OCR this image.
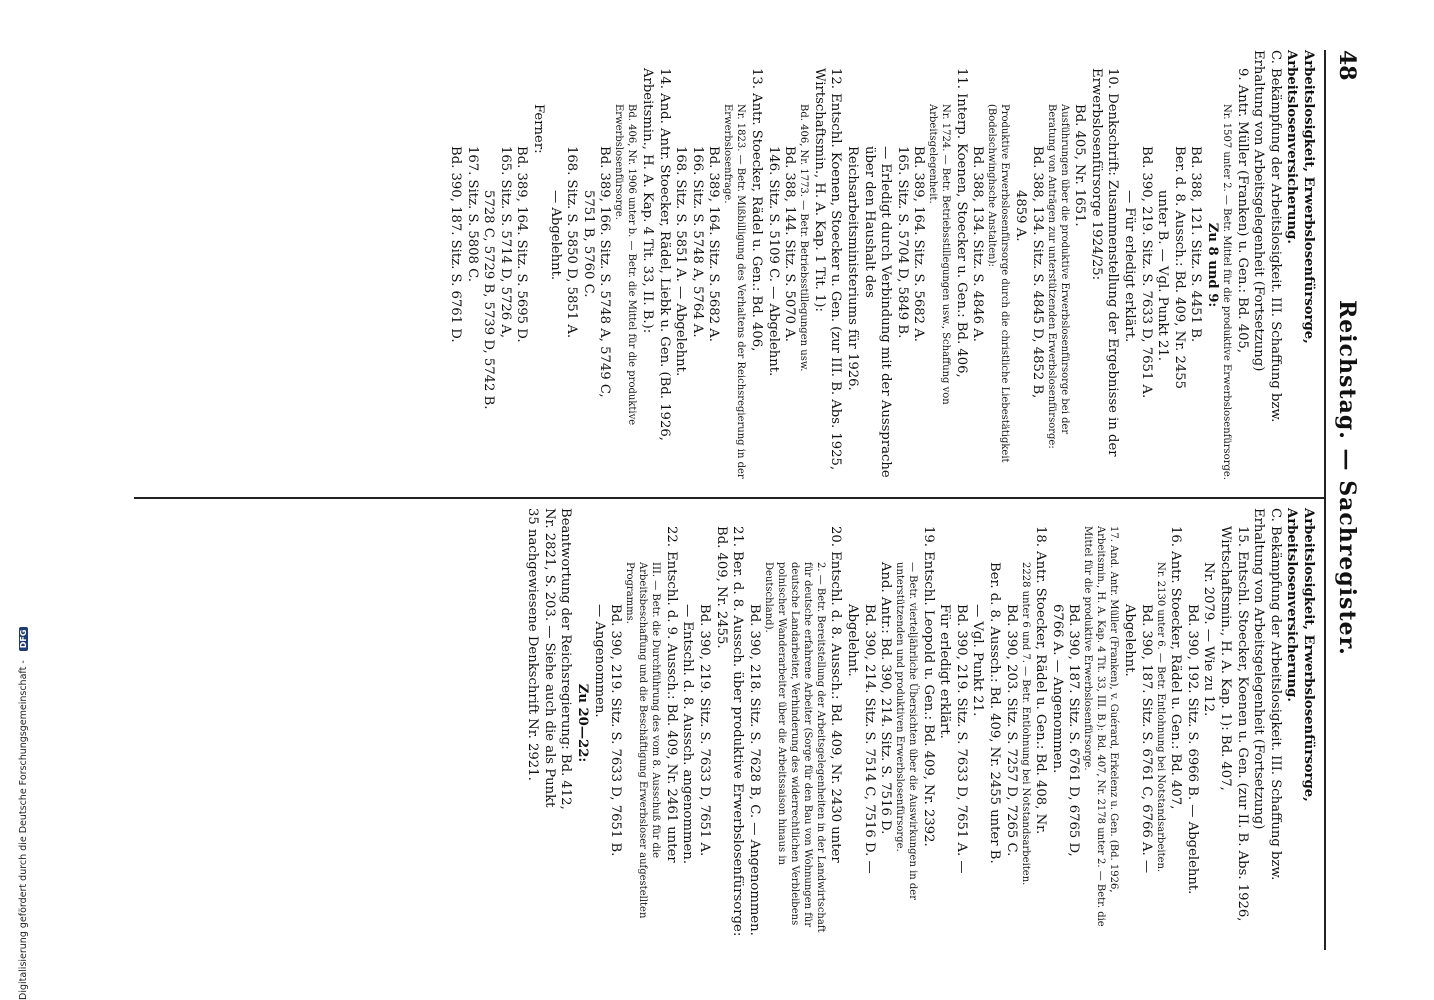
48
Reichstag. — Sachregister.

Arbeitslosigkeit, Erwerbslosenfürsorge, Arbeitslosenversicherung.

C. Bekämpfung der Arbeitslosigkeit. III. Schaffung bzw. Erhaltung von Arbeitsgelegenheit (Fortsetzung)

9. Antr. Müller (Franken) u. Gen.: Bd. 405,

Nr. 1507 unter 2. — Betr. Mittel für die produktive Erwerbslosenfürsorge.

Zu 8 und 9:

Bd. 388, 121. Sitz. S. 4451 B.

Ber. d. 8. Aussch.: Bd. 409, Nr. 2455

unter B. — Vgl. Punkt 21.

Bd. 390, 219. Sitz. S. 7633 D, 7651 A.

— Für erledigt erklärt.

10. Denkschrift: Zusammenstellung der Ergebnisse in der Erwerbslosenfürsorge 1924/25:

Bd. 405, Nr. 1651.

Ausführungen über die produktive Erwerbslosenfürsorge bei der Beratung von Anträgen zur unterstützenden Erwerbslosenfürsorge:

Bd. 388, 134. Sitz. S. 4845 D, 4852 B,

4859 A.

Produktive Erwerbslosenfürsorge durch die christliche Liebestätigkeit (Bodelschwinghsche Anstalten):

Bd. 388, 134. Sitz. S. 4846 A.

11. Interp. Koenen, Stoecker u. Gen.: Bd. 406,

Nr. 1724. — Betr. Betriebsstillegungen usw., Schaffung von Arbeitsgelegenheit.

Bd. 389, 164. Sitz. S. 5682 A.

165. Sitz. S. 5704 D, 5849 B.

— Erledigt durch Verbindung mit der Aussprache über den Haushalt des Reichsarbeitsministeriums für 1926.

12. Entschl. Koenen, Stoecker u. Gen. (zur III. B. Abs. 1925, Wirtschaftsmin., H. A. Kap. 1 Tit. 1):

Bd. 406, Nr. 1773. — Betr. Betriebsstillegungen usw.

Bd. 388, 144. Sitz. S. 5070 A.

146. Sitz. S. 5109 C. — Abgelehnt.

13. Antr. Stoecker, Rädel u. Gen.: Bd. 406,

Nr. 1823. — Betr. Mißbilligung des Verhaltens der Reichsregierung in der Erwerbslosenfrage.

Bd. 389, 164. Sitz. S. 5682 A.

166. Sitz. S. 5748 A, 5764 A.

168. Sitz. S. 5851 A. — Abgelehnt.

14. And. Antr. Stoecker, Rädel, Liebk u. Gen. (Bd. 1926, Arbeitsmin., H. A. Kap. 4 Tit. 33, II. B.):

Bd. 406, Nr. 1906 unter b. — Betr. die Mittel für die produktive Erwerbslosenfürsorge.

Bd. 389, 166. Sitz. S. 5748 A, 5749 C,

5751 B, 5760 C.

168. Sitz. S. 5850 D, 5851 A.

— Abgelehnt.

Ferner:

Bd. 389, 164. Sitz. S. 5695 D.

165. Sitz. S. 5714 D, 5726 A,

5728 C, 5729 B, 5739 D, 5742 B.

167. Sitz. S. 5808 C.

Bd. 390, 187. Sitz. S. 6761 D.

Arbeitslosigkeit, Erwerbslosenfürsorge, Arbeitslosenversicherung.

C. Bekämpfung der Arbeitslosigkeit. III. Schaffung bzw. Erhaltung von Arbeitsgelegenheit (Fortsetzung)

15. Entschl. Stoecker, Koenen u. Gen. (zur II. B. Abs. 1926, Wirtschaftsmin., H. A. Kap. 1): Bd. 407,

Nr. 2079. — Wie zu 12.

Bd. 390, 192. Sitz. S. 6966 B. — Abgelehnt.

16. Antr. Stoecker, Rädel u. Gen.: Bd. 407,

Nr. 2130 unter 6. — Betr. Entlohnung bei Notstandsarbeiten.

Bd. 390, 187. Sitz. S. 6761 C, 6766 A. —

Abgelehnt.

17. And. Antr. Müller (Franken), v. Guérard, Erkelenz u. Gen. (Bd. 1926, Arbeitsmin., H. A. Kap. 4 Tit. 33, III. B.): Bd. 407, Nr. 2178 unter 2. — Betr. die Mittel für die produktive Erwerbslosenfürsorge.

Bd. 390, 187. Sitz. S. 6761 D, 6765 D,

6766 A. — Angenommen.

18. Antr. Stoecker, Rädel u. Gen.: Bd. 408, Nr.

2228 unter 6 und 7. — Betr. Entlohnung bei Notstandsarbeiten.

Bd. 390, 203. Sitz. S. 7257 D, 7265 C.

Ber. d. 8. Aussch.: Bd. 409, Nr. 2455 unter B.

— Vgl. Punkt 21.

Bd. 390, 219. Sitz. S. 7633 D, 7651 A. —

Für erledigt erklärt.

19. Entschl. Leopold u. Gen.: Bd. 409, Nr. 2392.

— Betr. vierteljährliche Übersichten über die Auswirkungen in der unterstützenden und produktiven Erwerbslosenfürsorge.

And. Antr.: Bd. 390, 214. Sitz. S. 7516 D.

Bd. 390, 214. Sitz. S. 7514 C, 7516 D. —

Abgelehnt.

20. Entschl. d. 8. Aussch.: Bd. 409, Nr. 2430 unter

2. — Betr. Bereitstellung der Arbeitsgelegenheiten in der Landwirtschaft für deutsche erfahrene Arbeiter (Sorge für den Bau von Wohnungen für deutsche Landarbeiter, Verhinderung des widerrechtlichen Verbleibens polnischer Wanderarbeiter über die Arbeitssaison hinaus in Deutschland).

Bd. 390, 218. Sitz. S. 7628 B, C. — Angenommen.

21. Ber. d. 8. Aussch. über produktive Erwerbslosenfürsorge: Bd. 409, Nr. 2455.

Bd. 390, 219. Sitz. S. 7633 D, 7651 A.

— Entschl. d. 8. Aussch. angenommen.

22. Entschl. d. 9. Aussch.: Bd. 409, Nr. 2461 unter

III. — Betr. die Durchführung des vom 8. Ausschuß für die Arbeitsbeschaffung und die Beschäftigung Erwerbsloser aufgestellten Programms.

Bd. 390, 219. Sitz. S. 7633 D, 7651 B.

— Angenommen.

Zu 20—22:

Beantwortung der Reichsregierung: Bd. 412,

Nr. 2821, S. 203. — Siehe auch die als Punkt

35 nachgewiesene Denkschrift Nr. 2921.

Digitalisierung gefördert durch die Deutsche Forschungsgemeinschaft - DFG
